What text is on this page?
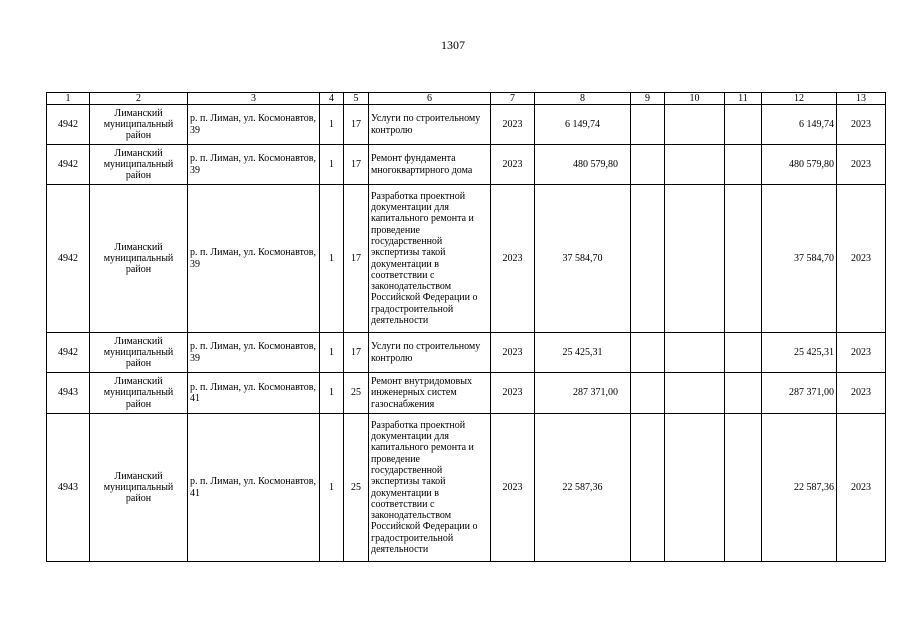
1307
1	2	3	4	5	6	7	8	9	10	11	12	13
4942	Лиманский муниципальный район	р. п. Лиман, ул. Космонавтов, 39	1	17	Услуги по строительному контролю	2023	6 149,74				6 149,74	2023
4942	Лиманский муниципальный район	р. п. Лиман, ул. Космонавтов, 39	1	17	Ремонт фундамента многоквартирного дома	2023	480 579,80				480 579,80	2023
4942	Лиманский муниципальный район	р. п. Лиман, ул. Космонавтов, 39	1	17	Разработка проектной документации для капитального ремонта и проведение государственной экспертизы такой документации в соответствии с законодательством Российской Федерации о градостроительной деятельности	2023	37 584,70				37 584,70	2023
4942	Лиманский муниципальный район	р. п. Лиман, ул. Космонавтов, 39	1	17	Услуги по строительному контролю	2023	25 425,31				25 425,31	2023
4943	Лиманский муниципальный район	р. п. Лиман, ул. Космонавтов, 41	1	25	Ремонт внутридомовых инженерных систем газоснабжения	2023	287 371,00				287 371,00	2023
4943	Лиманский муниципальный район	р. п. Лиман, ул. Космонавтов, 41	1	25	Разработка проектной документации для капитального ремонта и проведение государственной экспертизы такой документации в соответствии с законодательством Российской Федерации о градостроительной деятельности	2023	22 587,36				22 587,36	2023
